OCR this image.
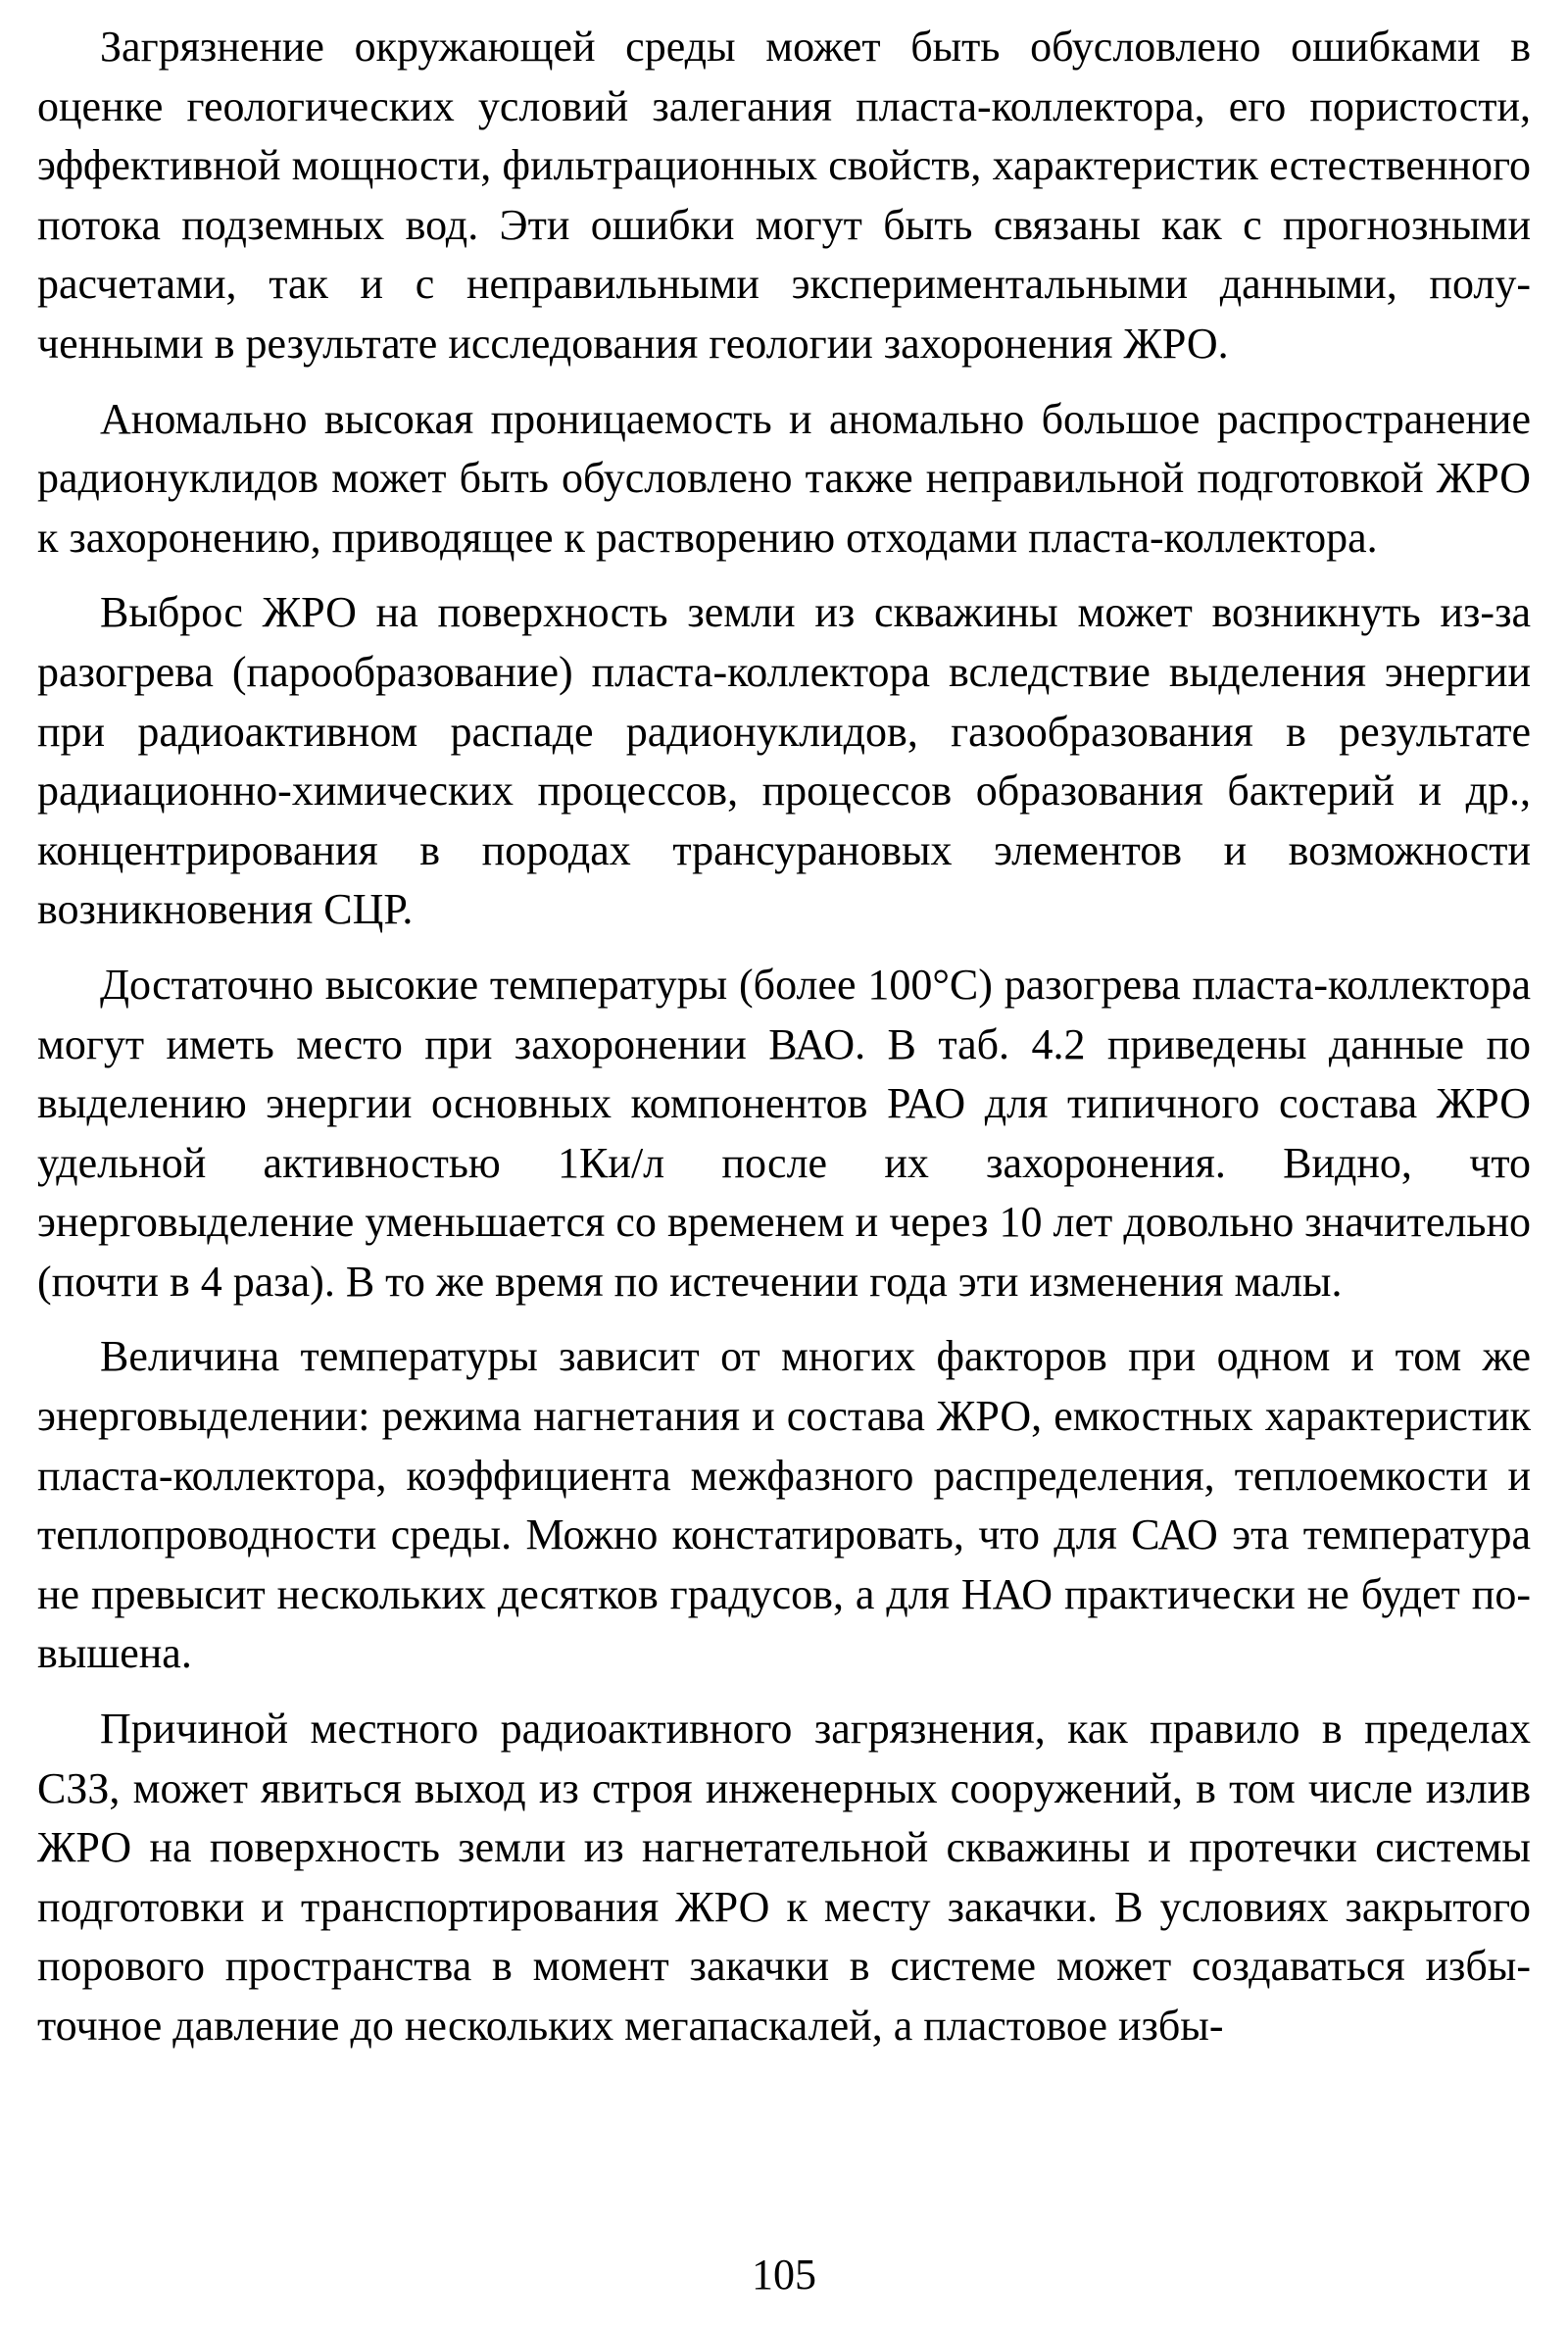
Загрязнение окружающей среды может быть обусловлено ошибками в оценке геологических условий залегания пласта-коллектора, его пористости, эффективной мощности, фильтрационных свойств, характеристик естественного потока подземных вод. Эти ошибки могут быть связаны как с прогнозными расчетами, так и с неправильными экспериментальными данными, полученными в результате исследования геологии захоронения ЖРО.

Аномально высокая проницаемость и аномально большое распространение радионуклидов может быть обусловлено также неправильной подготовкой ЖРО к захоронению, приводящее к растворению отходами пласта-коллектора.

Выброс ЖРО на поверхность земли из скважины может возникнуть из-за разогрева (парообразование) пласта-коллектора вследствие выделения энергии при радиоактивном распаде радионуклидов, газообразования в результате радиационно-химических процессов, процессов образования бактерий и др., концентрирования в породах трансурановых элементов и возможности возникновения СЦР.

Достаточно высокие температуры (более 100°С) разогрева пласта-коллектора могут иметь место при захоронении ВАО. В таб. 4.2 приведены данные по выделению энергии основных компонентов РАО для типичного состава ЖРО удельной активностью 1Ки/л после их захоронения. Видно, что энерговыделение уменьшается со временем и через 10 лет довольно значительно (почти в 4 раза). В то же время по истечении года эти изменения малы.

Величина температуры зависит от многих факторов при одном и том же энерговыделении: режима нагнетания и состава ЖРО, емкостных характеристик пласта-коллектора, коэффициента межфазного распределения, теплоемкости и теплопроводности среды. Можно констатировать, что для САО эта температура не превысит нескольких десятков градусов, а для НАО практически не будет повышена.

Причиной местного радиоактивного загрязнения, как правило в пределах СЗЗ, может явиться выход из строя инженерных сооружений, в том числе излив ЖРО на поверхность земли из нагнетательной скважины и протечки системы подготовки и транспортирования ЖРО к месту закачки. В условиях закрытого порового пространства в момент закачки в системе может создаваться избыточное давление до нескольких мегапаскалей, а пластовое избы-

105
